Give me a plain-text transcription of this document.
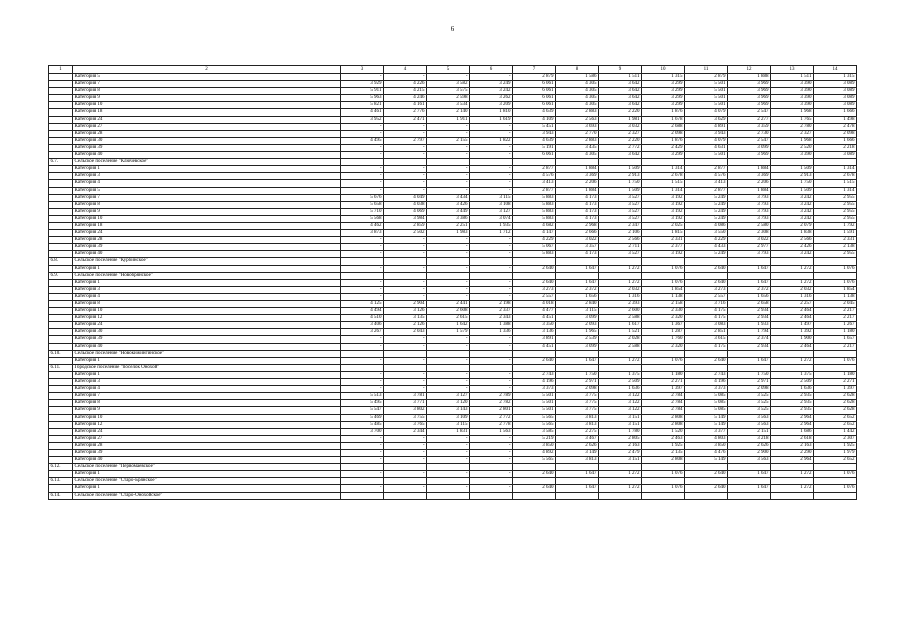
6
1	2	3	4	5	6	7	8	9	10	11	12	13	14
	Категория 5	-	-	-	-	2 879	1 586	1 511	1 315	2 879	1 888	1 511	1 315
	Категория 7	3 929	4 226	3 582	3 249	6 061	4 305	3 642	3 299	5 501	3 969	3 390	3 089
	Категория 8	5 911	4 215	3 575	3 242	6 061	4 305	3 642	3 299	5 501	3 969	3 390	3 089
	Категория 9	5 963	4 246	2 598	3 262	6 061	4 305	3 642	3 299	5 501	3 969	3 390	3 089
	Категория 10	5 821	4 161	3 534	3 209	6 061	4 305	3 642	3 299	5 501	3 969	3 390	3 089
	Категория 18	4 461	2 776	2 140	1 810	4 639	2 883	2 220	1 876	4 079	2 547	1 968	1 666
	Категория 24	3 952	2 471	1 911	1 619	4 109	2 563	1 981	1 678	3 629	2 277	1 765	1 498
	Категория 27	-	-	-	-	5 451	3 693	3 032	2 688	4 891	3 359	2 780	2 478
	Категория 28	-	-	-	-	3 943	2 770	2 327	2 098	3 943	2 730	2 327	2 098
	Категория 30	4 495	2 797	2 155	1 822	4 639	2 883	2 220	1 876	4 079	2 547	1 968	1 666
	Категория 39	-	-	-	-	5 191	3 435	2 772	2 429	4 631	3 099	2 520	2 218
	Категория 40	-	-	-	-	6 061	4 305	3 642	3 299	5 501	3 969	3 390	3 089
6.7.	Сельское поселение "Ключевское"												
	Категория 1	-	-	-	-	2 877	1 884	1 509	1 314	2 877	1 884	1 509	1 314
	Категория 3	-	-	-	-	4 576	3 369	2 913	2 678	4 576	3 369	2 913	2 678
	Категория 4	-	-	-	-	3 413	2 206	1 750	1 515	3 413	2 206	1 750	1 515
	Категория 5	-	-	-	-	2 877	1 884	1 509	1 314	2 877	1 884	1 509	1 314
	Категория 7	5 676	4 049	3 434	3 115	5 883	4 173	3 527	3 192	5 249	3 793	3 242	2 955
	Категория 8	5 658	4 038	3 426	3 108	5 883	4 173	3 527	3 192	5 249	3 793	3 242	2 955
	Категория 9	5 710	4 069	3 449	3 127	5 883	4 173	3 527	3 192	5 249	3 793	3 242	2 955
	Категория 10	5 568	3 984	3 386	3 074	5 883	4 173	3 527	3 192	5 249	3 793	3 242	2 955
	Категория 18	4 462	2 859	2 251	1 935	4 682	2 968	2 347	2 025	4 086	2 580	2 079	1 792
	Категория 24	3 873	2 502	1 983	1 712	4 147	2 666	2 106	1 815	3 550	2 308	1 838	1 591
	Категория 28	-	-	-	-	4 229	3 022	2 566	2 331	4 229	3 022	2 566	2 331
	Категория 39	-	-	-	-	5 067	3 357	2 711	2 377	4 433	2 977	2 426	2 138
	Категория 40	-	-	-	-	5 883	4 173	3 527	3 192	5 249	3 793	3 242	2 955
6.8.	Сельское поселение "Курбинское"												
	Категория 1	-	-	-	-	2 640	1 647	1 272	1 076	2 640	1 647	1 272	1 076
6.9.	Сельское поселение "Новобрянское"												
	Категория 1	-	-	-	-	2 640	1 647	1 272	1 076	2 640	1 647	1 272	1 076
	Категория 3	-	-	-	-	3 273	2 372	2 032	1 854	3 273	2 372	2 032	1 854
	Категория 4	-	-	-	-	2 557	1 656	1 316	1 138	2 557	1 656	1 316	1 138
	Категория 8	4 125	2 904	2 441	2 198	4 018	2 840	2 393	2 158	3 716	2 658	2 257	2 045
	Категория 10	4 494	3 126	2 608	2 337	4 477	3 115	2 600	2 330	4 175	2 934	2 464	2 217
	Категория 12	4 510	3 135	2 615	2 343	4 451	3 099	2 588	2 320	4 175	2 934	2 464	2 217
	Категория 24	3 406	2 126	1 642	1 388	3 350	2 093	1 617	1 367	3 083	1 933	1 497	1 267
	Категория 30	3 267	2 043	1 579	1 336	3 136	1 965	1 521	1 287	2 851	1 794	1 392	1 180
	Категория 39	-	-	-	-	3 891	2 539	2 028	1 760	3 615	2 374	1 900	1 657
	Категория 40	-	-	-	-	4 451	3 099	2 588	2 320	4 175	2 934	2 464	2 217
6.10.	Сельское поселение "Новокижингинское"												
	Категория 1	-	-	-	-	2 640	1 647	1 272	1 076	2 640	1 647	1 272	1 076
6.11.	Городское поселение "поселок Онохой"												
	Категория 1	-	-	-	-	2 743	1 750	1 375	1 180	2 743	1 750	1 375	1 180
	Категория 3	-	-	-	-	4 196	2 971	2 509	2 271	4 196	2 971	2 509	2 271
	Категория 4	-	-	-	-	3 373	2 098	1 636	1 397	3 373	2 098	1 636	1 397
	Категория 7	5 513	3 781	3 127	2 789	5 501	3 775	3 122	2 784	5 085	3 525	2 935	2 628
	Категория 8	5 495	3 771	3 120	2 782	5 501	3 775	3 122	2 784	5 085	3 525	2 935	2 628
	Категория 9	5 547	3 802	3 143	2 801	5 501	3 775	3 122	2 784	5 085	3 525	2 935	2 628
	Категория 10	5 469	3 755	3 109	2 772	5 565	3 813	3 151	2 808	5 149	3 563	2 964	2 652
	Категория 12	5 485	3 765	3 115	2 778	5 565	3 813	3 151	2 808	5 149	3 563	2 964	2 652
	Категория 24	3 700	2 344	1 831	1 563	3 585	2 275	1 780	1 520	3 377	2 151	1 686	1 442
	Категория 27	-	-	-	-	5 219	3 467	2 805	2 463	4 803	3 218	2 618	2 307
	Категория 28	-	-	-	-	3 850	2 626	2 163	1 925	3 850	2 626	2 163	1 925
	Категория 39	-	-	-	-	4 892	3 149	2 479	2 135	4 476	2 900	2 290	1 979
	Категория 40	-	-	-	-	5 565	3 813	3 151	2 808	5 149	3 563	2 964	2 652
6.12.	Сельское поселение "Первомаевское"												
	Категория 1	-	-	-	-	2 640	1 647	1 272	1 076	2 640	1 647	1 272	1 076
6.13.	Сельское поселение "Старо-Брянское"												
	Категория 1	-	-	-	-	2 640	1 647	1 272	1 076	2 640	1 647	1 272	1 076
6.14.	Сельское поселение "Старо-Онохойское"												
